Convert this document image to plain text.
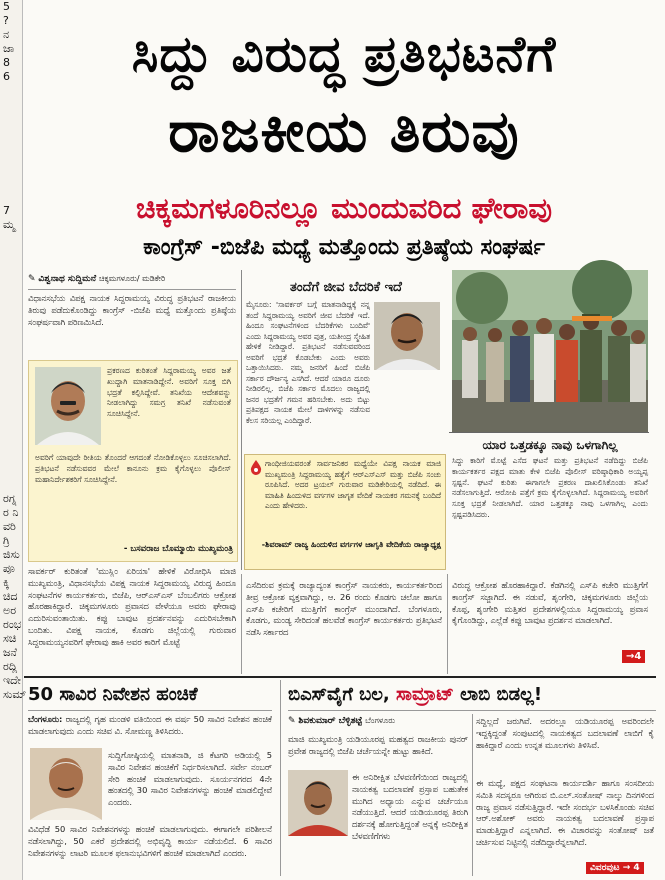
5
?
ನ
ಜಾ
8
6
7
ಮ್ಮ
ರಗ್ನ
ರ ನಿ
ವರಿ
ಗ್ರಿ
ಜಿಸು
ಪೂ
ಕ್ಕಿ
ಚಿದ
ಅರ
ರಂಭ
ಸಚಿ
ಜನೆ
ರದ್ಲಿ
ಇದೇ
ಸುಮ್
ಸಿದ್ದು ವಿರುದ್ಧ ಪ್ರತಿಭಟನೆಗೆ
ರಾಜಕೀಯ ತಿರುವು
ಚಿಕ್ಕಮಗಳೂರಿನಲ್ಲೂ ಮುಂದುವರಿದ ಘೇರಾವು
ಕಾಂಗ್ರೆಸ್ -ಬಿಜೆಪಿ ಮಧ್ಯೆ ಮತ್ತೊಂದು ಪ್ರತಿಷ್ಠೆಯ ಸಂಘರ್ಷ
✎ ವಿಶ್ವನಾಥ ಸುದ್ದಿಮನೆ ಚಿಕ್ಕಮಗಳೂರು/ ಮಡಿಕೇರಿ

ವಿಧಾನಸಭೆಯ ವಿಪಕ್ಷ ನಾಯಕ ಸಿದ್ದರಾಮಯ್ಯ ವಿರುದ್ಧ ಪ್ರತಿಭಟನೆ ರಾಜಕೀಯ ತಿರುವು ಪಡೆದುಕೊಂಡಿದ್ದು ಕಾಂಗ್ರೆಸ್ -ಬಿಜೆಪಿ ಮಧ್ಯೆ ಮತ್ತೊಂದು ಪ್ರತಿಷ್ಠೆಯ ಸಂಘರ್ಷವಾಗಿ ಪರಿಣಮಿಸಿದೆ.

ಪ್ರಕರಣದ ಕುರಿತಂತೆ ಸಿದ್ದರಾಮಯ್ಯ ಅವರ ಜತೆ ಖುದ್ದಾಗಿ ಮಾತನಾಡಿದ್ದೇನೆ. ಅವರಿಗೆ ಸೂಕ್ತ ಬಿಗಿ ಭದ್ರತೆ ಕಲ್ಪಿಸಿದ್ದೇವೆ. ತನಿಖೆಯ ಆದೇಶವನ್ನು ನೀಡಲಾಗಿದ್ದು ಸಮಗ್ರ ತನಿಖೆ ನಡೆಸುವಂತೆ ಸೂಚಿಸಿದ್ದೇನೆ.

ಅವರಿಗೆ ಯಾವುದೇ ರೀತಿಯ ತೊಂದರೆ ಆಗದಂತೆ ನೋಡಿಕೊಳ್ಳಲು ಸೂಚಿಸಲಾಗಿದೆ. ಪ್ರತಿಭಟನೆ ನಡೆಸುವವರ ಮೇಲೆ ಕಾನೂನು ಕ್ರಮ ಕೈಗೊಳ್ಳಲು ಪೊಲೀಸ್ ಮಹಾನಿರ್ದೇಶಕರಿಗೆ ಸೂಚಿಸಿದ್ದೇನೆ.

- ಬಸವರಾಜ ಬೊಮ್ಮಾಯಿ ಮುಖ್ಯಮಂತ್ರಿ

ಸಾವರ್ಕರ್ ಕುರಿತಂತೆ 'ಮುಸ್ಲಿಂ ಏರಿಯಾ' ಹೇಳಿಕೆ ವಿರೋಧಿಸಿ ಮಾಜಿ ಮುಖ್ಯಮಂತ್ರಿ, ವಿಧಾನಸಭೆಯ ವಿಪಕ್ಷ ನಾಯಕ ಸಿದ್ದರಾಮಯ್ಯ ವಿರುದ್ಧ ಹಿಂದೂ ಸಂಘಟನೆಗಳ ಕಾರ್ಯಕರ್ತರು, ಬಿಜೆಪಿ, ಆರ್‌ಎಸ್‌ಎಸ್ ಬೆಂಬಲಿಗರು ಆಕ್ರೋಶ ಹೊರಹಾಕಿದ್ದಾರೆ. ಚಿಕ್ಕಮಗಳೂರು ಪ್ರವಾಸದ ವೇಳೆಯೂ ಅವರು ಘೇರಾವು ಎದುರಿಸುವಂತಾಯಿತು. ಕಪ್ಪು ಬಾವುಟ ಪ್ರದರ್ಶನವನ್ನು ಎದುರಿಸಬೇಕಾಗಿ ಬಂದಿತು. ವಿಪಕ್ಷ ನಾಯಕ, ಕೊಡಗು ಜಿಲ್ಲೆಯಲ್ಲಿ ಗುರುವಾರ ಸಿದ್ದರಾಮಯ್ಯನವರಿಗೆ ಘೇರಾವು ಹಾಕಿ ಅವರ ಕಾರಿಗೆ ಮೊಟ್ಟೆ

ತಂದೆಗೆ ಜೀವ ಬೆದರಿಕೆ ಇದೆ

ಮೈಸೂರು: 'ಸಾವರ್ಕರ್ ಬಗ್ಗೆ ಮಾತನಾಡಿದ್ದಕ್ಕೆ ನನ್ನ ತಂದೆ ಸಿದ್ದರಾಮಯ್ಯ ಅವರಿಗೆ ಜೀವ ಬೆದರಿಕೆ ಇದೆ. ಹಿಂದೂ ಸಂಘಟನೆಗಳಿಂದ ಬೆದರಿಕೆಗಳು ಬಂದಿವೆ' ಎಂದು ಸಿದ್ದರಾಮಯ್ಯ ಅವರ ಪುತ್ರ, ಯತೀಂದ್ರ ಸ್ಮೇಹಿತ ಹೇಳಿಕೆ ನೀಡಿದ್ದಾರೆ. ಪ್ರತಿಭಟನೆ ನಡೆಸುವವರಿಂದ ಅವರಿಗೆ ಭದ್ರತೆ ಕೊಡಬೇಕು ಎಂದು ಅವರು ಒತ್ತಾಯಿಸಿದರು. ನಮ್ಮ ಜನರಿಗೆ ಹಿಂದೆ ಬಿಜೆಪಿ ಸರ್ಕಾರ ದೌರ್ಜನ್ಯ ಎಸಗಿದೆ. ಆದರೆ ಯಾರೂ ದೂರು ನೀಡಿರಲಿಲ್ಲ. ಬಿಜೆಪಿ ಸರ್ಕಾರ ಮೊದಲು ರಾಜ್ಯದಲ್ಲಿ ಜನರ ಭದ್ರತೆಗೆ ಗಮನ ಹರಿಸಬೇಕು. ಅದು ಬಿಟ್ಟು ಪ್ರತಿಪಕ್ಷದ ನಾಯಕ ಮೇಲೆ ದಾಳಿಗಳನ್ನು ನಡೆಸುವ ಕೆಲಸ ಸರಿಯಲ್ಲ ಎಂದಿದ್ದಾರೆ.

ಗಾಂಧೀಜಿಯವರಂತೆ ಸಾರ್ವಜನಿಕರ ಮಧ್ಯೆಯೇ ವಿಪಕ್ಷ ನಾಯಕ ಮಾಜಿ ಮುಖ್ಯಮಂತ್ರಿ ಸಿದ್ದರಾಮಯ್ಯ ಹತ್ಯೆಗೆ ಆರ್‌ಎಸ್‌ಎಸ್ ಮತ್ತು ಬಿಜೆಪಿ ಸಂಚು ರೂಪಿಸಿದೆ. ಅದರ ಟ್ರಯಲ್ ಗುರುವಾರ ಮಡಿಕೇರಿಯಲ್ಲಿ ನಡೆದಿದೆ. ಈ ಮಾಹಿತಿ ಹಿಂದುಳಿದ ವರ್ಗಗಳ ಜಾಗೃತ ವೇದಿಕೆ ನಾಯಕರ ಗಮನಕ್ಕೆ ಬಂದಿದೆ ಎಂದು ಹೇಳಿದರು.

-ಶಿವರಾಮ್ ರಾಜ್ಯ ಹಿಂದುಳಿದ ವರ್ಗಗಳ ಜಾಗೃತಿ ವೇದಿಕೆಯ ರಾಜ್ಯಾಧ್ಯಕ್ಷ

ಎಸೆದಿರುವ ಕ್ರಮಕ್ಕೆ ರಾಜ್ಯಾದ್ಯಂತ ಕಾಂಗ್ರೆಸ್ ನಾಯಕರು, ಕಾರ್ಯಕರ್ತರಿಂದ ತೀವ್ರ ಆಕ್ರೋಶ ವ್ಯಕ್ತವಾಗಿದ್ದು, ಆ. 26 ರಂದು ಕೊಡಗು ಚಲೋ ಹಾಗೂ ಎಸ್‌ಪಿ ಕಚೇರಿಗೆ ಮುತ್ತಿಗೆಗೆ ಕಾಂಗ್ರೆಸ್ ಮುಂದಾಗಿದೆ. ಬೆಂಗಳೂರು, ಕೊಡಗು, ಮಂಡ್ಯ ಸೇರಿದಂತೆ ಹಲವೆಡೆ ಕಾಂಗ್ರೆಸ್ ಕಾರ್ಯಕರ್ತರು ಪ್ರತಿಭಟನೆ ನಡೆಸಿ ಸರ್ಕಾರದ

ಯಾರ ಒತ್ತಡಕ್ಕೂ ನಾವು ಒಳಗಾಗಿಲ್ಲ

ಸಿದ್ದು ಕಾರಿಗೆ ಮೊಟ್ಟೆ ಎಸೆದ ಘಟನೆ ಮತ್ತು ಪ್ರತಿಭಟನೆ ನಡೆದಿದ್ದು ಬಿಜೆಪಿ ಕಾರ್ಯಕರ್ತರ ಪಕ್ಷದ ಮಾತು ಕೇಳಿ ಬಿಜೆಪಿ ಪೊಲೀಸ್ ವರಿಷ್ಠಾಧಿಕಾರಿ ಅಯ್ಯಪ್ಪ ಸ್ಪಷ್ಟನೆ. ಘಟನೆ ಕುರಿತು ಈಗಾಗಲೇ ಪ್ರಕರಣ ದಾಖಲಿಸಿಕೊಂಡು ತನಿಖೆ ನಡೆಸಲಾಗುತ್ತಿದೆ. ಆರೋಪಿ ಪತ್ತೆಗೆ ಕ್ರಮ ಕೈಗೊಳ್ಳಲಾಗಿದೆ. ಸಿದ್ದರಾಮಯ್ಯ ಅವರಿಗೆ ಸೂಕ್ತ ಭದ್ರತೆ ನೀಡಲಾಗಿದೆ. ಯಾರ ಒತ್ತಡಕ್ಕೂ ನಾವು ಒಳಗಾಗಿಲ್ಲ ಎಂದು ಸ್ಪಷ್ಟಪಡಿಸಿದರು.

ವಿರುದ್ಧ ಆಕ್ರೋಶ ಹೊರಹಾಕಿದ್ದಾರೆ. ಕೆಡಗಿನಲ್ಲಿ ಎಸ್‌ಪಿ ಕಚೇರಿ ಮುತ್ತಿಗೆಗೆ ಕಾಂಗ್ರೆಸ್ ಸಜ್ಜಾಗಿದೆ. ಈ ನಡುವೆ, ಶೃಂಗೇರಿ, ಚಿಕ್ಕಮಗಳೂರು ಜಿಲ್ಲೆಯ ಕೊಪ್ಪ, ಶೃಂಗೇರಿ ಮತ್ತಿತರ ಪ್ರದೇಶಗಳಲ್ಲಿಯೂ ಸಿದ್ದರಾಮಯ್ಯ ಪ್ರವಾಸ ಕೈಗೊಂಡಿದ್ದು, ಎಲ್ಲೆಡೆ ಕಪ್ಪು ಬಾವುಟ ಪ್ರದರ್ಶನ ಮಾಡಲಾಗಿದೆ.

→4
50 ಸಾವಿರ ನಿವೇಶನ ಹಂಚಿಕೆ

ಬೆಂಗಳೂರು: ರಾಜ್ಯದಲ್ಲಿ ಗೃಹ ಮಂಡಳಿ ವತಿಯಿಂದ ಈ ವರ್ಷ 50 ಸಾವಿರ ನಿವೇಶನ ಹಂಚಿಕೆ ಮಾಡಲಾಗುವುದು ಎಂದು ಸಚಿವ ವಿ. ಸೋಮಣ್ಣ ತಿಳಿಸಿದರು.

ಸುದ್ದಿಗೋಷ್ಠಿಯಲ್ಲಿ ಮಾತನಾಡಿ, ಜಿ ಕೆಟಗರಿ ಅಡಿಯಲ್ಲಿ 5 ಸಾವಿರ ನಿವೇಶನ ಹಂಚಿಕೆಗೆ ನಿರ್ಧರಿಸಲಾಗಿದೆ. ಸರ್ವೇ ನಂಬರ್ ಸೇರಿ ಹಂಚಿಕೆ ಮಾಡಲಾಗುವುದು. ಸೂರ್ಯನಗರದ 4ನೇ ಹಂತದಲ್ಲಿ 30 ಸಾವಿರ ನಿವೇಶನಗಳನ್ನು ಹಂಚಿಕೆ ಮಾಡಲಿದ್ದೇವೆ ಎಂದರು.

ವಿವಿಧೆಡೆ 50 ಸಾವಿರ ನಿವೇಶನಗಳನ್ನು ಹಂಚಿಕೆ ಮಾಡಲಾಗುವುದು. ಈಗಾಗಲೇ ಪರಿಶೀಲನೆ ನಡೆಸಲಾಗಿದ್ದು, 50 ಎಕರೆ ಪ್ರದೇಶದಲ್ಲಿ ಅಭಿವೃದ್ಧಿ ಕಾರ್ಯ ನಡೆಯಲಿದೆ. 6 ಸಾವಿರ ನಿವೇಶನಗಳನ್ನು ಲಾಟರಿ ಮೂಲಕ ಫಲಾನುಭವಿಗಳಿಗೆ ಹಂಚಿಕೆ ಮಾಡಲಾಗಿದೆ ಎಂದರು.

ಬಿಎಸ್‌ವೈಗೆ ಬಲ, ಸಾಮ್ರಾಟ್ ಲಾಬಿ ಬಿಡಲ್ಲ!
✎ ಶಿವಕುಮಾರ್ ಬೆಳ್ಳಿತಟ್ಟೆ ಬೆಂಗಳೂರು

ಮಾಜಿ ಮುಖ್ಯಮಂತ್ರಿ ಯಡಿಯೂರಪ್ಪ ಮಹತ್ವದ ರಾಜಕೀಯ ಪುನರ್ ಪ್ರವೇಶ ರಾಜ್ಯದಲ್ಲಿ ಬಿಜೆಪಿ ಚರ್ಚೆಯನ್ನೇ ಹುಟ್ಟು ಹಾಕಿದೆ.

ಈ ಅನಿರೀಕ್ಷಿತ ಬೆಳವಣಿಗೆಯಿಂದ ರಾಜ್ಯದಲ್ಲಿ ನಾಯಕತ್ವ ಬದಲಾವಣೆ ಪ್ರಸ್ತಾಪ ಬಹುತೇಕ ಮುಗಿದ ಅಧ್ಯಾಯ ಎನ್ನುವ ಚರ್ಚೆಯೂ ನಡೆಯುತ್ತಿದೆ. ಆದರೆ ಯಡಿಯೂರಪ್ಪ ತಿರುಗಿ ದರ್ಶನಕ್ಕೆ ಹೋಗುತ್ತಿದ್ದಂತೆ ಅನ್ನಕ್ಕೆ ಅನಿರೀಕ್ಷಿತ ಬೆಳವಣಿಗೆಗಳು

ಸದ್ದಿಲ್ಲದೆ ಜರುಗಿವೆ. ಅದರಲ್ಲೂ ಯಡಿಯೂರಪ್ಪ ಅವರಿಂದಲೇ ಇದ್ದಕ್ಕಿದ್ದಂತೆ ಸಂಪುಟದಲ್ಲಿ ನಾಯಕತ್ವದ ಬದಲಾವಣೆ ಲಾಬಿಗೆ ಕೈ ಹಾಕಿದ್ದಾರೆ ಎಂದು ಉನ್ನತ ಮೂಲಗಳು ತಿಳಿಸಿವೆ.

ಈ ಮಧ್ಯೆ, ಪಕ್ಷದ ಸಂಘಟನಾ ಕಾರ್ಯದರ್ಶಿ ಹಾಗೂ ಸಂಸದೀಯ ಸಮಿತಿ ಸದಸ್ಯರೂ ಆಗಿರುವ ಬಿ.ಎಲ್.ಸಂತೋಷ್ ನಾಲ್ಕು ದಿನಗಳಿಂದ ರಾಜ್ಯ ಪ್ರವಾಸ ನಡೆಸುತ್ತಿದ್ದಾರೆ. ಇದೇ ಸಂದರ್ಭ ಬಳಸಿಕೊಂಡು ಸಚಿವ ಆರ್.ಅಶೋಕ್ ಅವರು ನಾಯಕತ್ವ ಬದಲಾವಣೆ ಪ್ರಸ್ತಾಪ ಮಾಡುತ್ತಿದ್ದಾರೆ ಎನ್ನಲಾಗಿದೆ. ಈ ವಿಚಾರವನ್ನು ಸಂತೋಷ್ ಜತೆ ಚರ್ಚಿಸುವ ನಿಟ್ಟಿನಲ್ಲಿ ನಡೆದಿದ್ದಾರೆನ್ನಲಾಗಿದೆ.

ವಿವರವುಟ → 4
